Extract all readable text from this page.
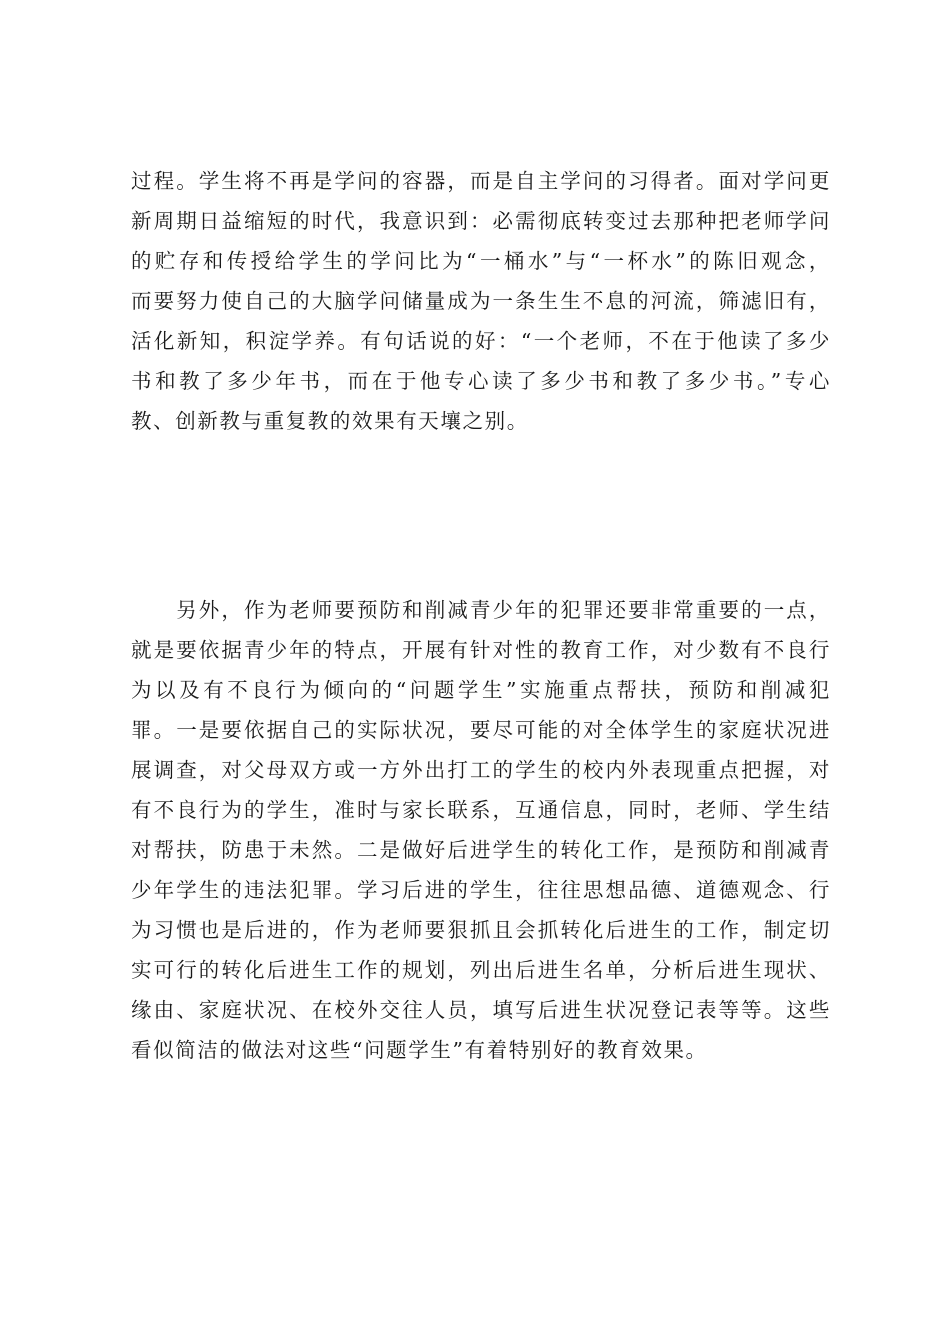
过程。学生将不再是学问的容器，而是自主学问的习得者。面对学问更
新周期日益缩短的时代，我意识到：必需彻底转变过去那种把老师学问
的贮存和传授给学生的学问比为“一桶水”与“一杯水”的陈旧观念，
而要努力使自己的大脑学问储量成为一条生生不息的河流，筛滤旧有，
活化新知，积淀学养。有句话说的好：“一个老师，不在于他读了多少
书和教了多少年书，而在于他专心读了多少书和教了多少书。”专心
教、创新教与重复教的效果有天壤之别。
　　另外，作为老师要预防和削减青少年的犯罪还要非常重要的一点，
就是要依据青少年的特点，开展有针对性的教育工作，对少数有不良行
为以及有不良行为倾向的“问题学生”实施重点帮扶，预防和削减犯
罪。一是要依据自己的实际状况，要尽可能的对全体学生的家庭状况进
展调查，对父母双方或一方外出打工的学生的校内外表现重点把握，对
有不良行为的学生，准时与家长联系，互通信息，同时，老师、学生结
对帮扶，防患于未然。二是做好后进学生的转化工作，是预防和削减青
少年学生的违法犯罪。学习后进的学生，往往思想品德、道德观念、行
为习惯也是后进的，作为老师要狠抓且会抓转化后进生的工作，制定切
实可行的转化后进生工作的规划，列出后进生名单，分析后进生现状、
缘由、家庭状况、在校外交往人员，填写后进生状况登记表等等。这些
看似简洁的做法对这些“问题学生”有着特别好的教育效果。
